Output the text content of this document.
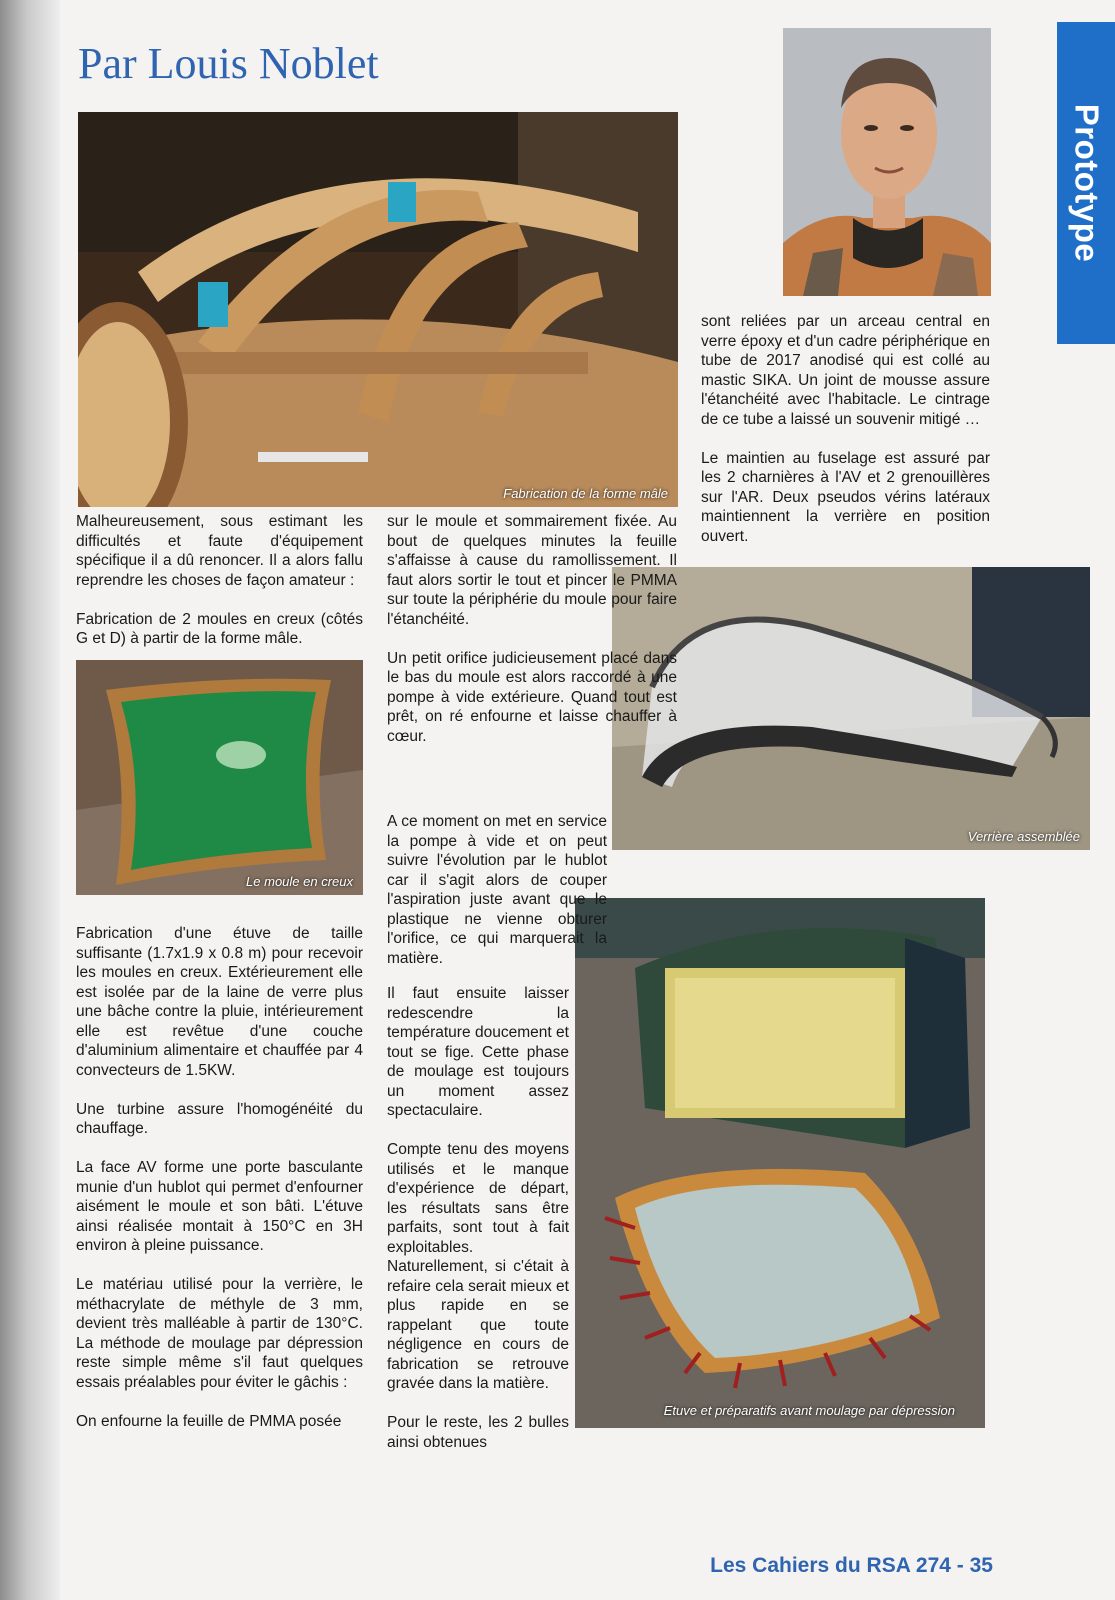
Par Louis Noblet
Prototype
Fabrication de la forme mâle
Le moule en creux
Verrière assemblée
Etuve et préparatifs avant moulage par dépression

Malheureusement, sous estimant les difficultés et faute d'équipement spécifique il a dû renoncer. Il a alors fallu reprendre les choses de façon amateur :

Fabrication de 2 moules en creux (côtés G et D) à partir de la forme mâle.

Fabrication d'une étuve de taille suffisante (1.7x1.9 x 0.8 m) pour recevoir les moules en creux. Extérieurement elle est isolée par de la laine de verre plus une bâche contre la pluie, intérieurement elle est revêtue d'une couche d'aluminium alimentaire et chauffée par 4 convecteurs de 1.5KW.

Une turbine assure l'homogénéité du chauffage.

La face AV forme une porte basculante munie d'un hublot qui permet d'enfourner aisément le moule et son bâti. L'étuve ainsi réalisée montait à 150°C en 3H environ à pleine puissance.

Le matériau utilisé pour la verrière, le méthacrylate de méthyle de 3 mm, devient très malléable à partir de 130°C. La méthode de moulage par dépression reste simple même s'il faut quelques essais préalables pour éviter le gâchis :

On enfourne la feuille de PMMA posée

sur le moule et sommairement fixée. Au bout de quelques minutes la feuille s'affaisse à cause du ramollissement. Il faut alors sortir le tout et pincer le PMMA sur toute la périphérie du moule pour faire l'étanchéité.

Un petit orifice judicieusement placé dans le bas du moule est alors raccordé à une pompe à vide extérieure. Quand tout est prêt, on ré enfourne et laisse chauffer à cœur.

A ce moment on met en service la pompe à vide et on peut suivre l'évolution par le hublot car il s'agit alors de couper l'aspiration juste avant que le plastique ne vienne obturer l'orifice, ce qui marquerait la matière.

Il faut ensuite laisser redescendre la température doucement et tout se fige. Cette phase de moulage est toujours un moment assez spectaculaire.

Compte tenu des moyens utilisés et le manque d'expérience de départ, les résultats sans être parfaits, sont tout à fait exploitables. Naturellement, si c'était à refaire cela serait mieux et plus rapide en se rappelant que toute négligence en cours de fabrication se retrouve gravée dans la matière.

Pour le reste, les 2 bulles ainsi obtenues

sont reliées par un arceau central en verre époxy et d'un cadre périphérique en tube de 2017 anodisé qui est collé au mastic SIKA. Un joint de mousse assure l'étanchéité avec l'habitacle. Le cintrage de ce tube a laissé un souvenir mitigé …

Le maintien au fuselage est assuré par les 2 charnières à l'AV et 2 grenouillères sur l'AR. Deux pseudos vérins latéraux maintiennent la verrière en position ouvert.

Les Cahiers du RSA 274 - 35
